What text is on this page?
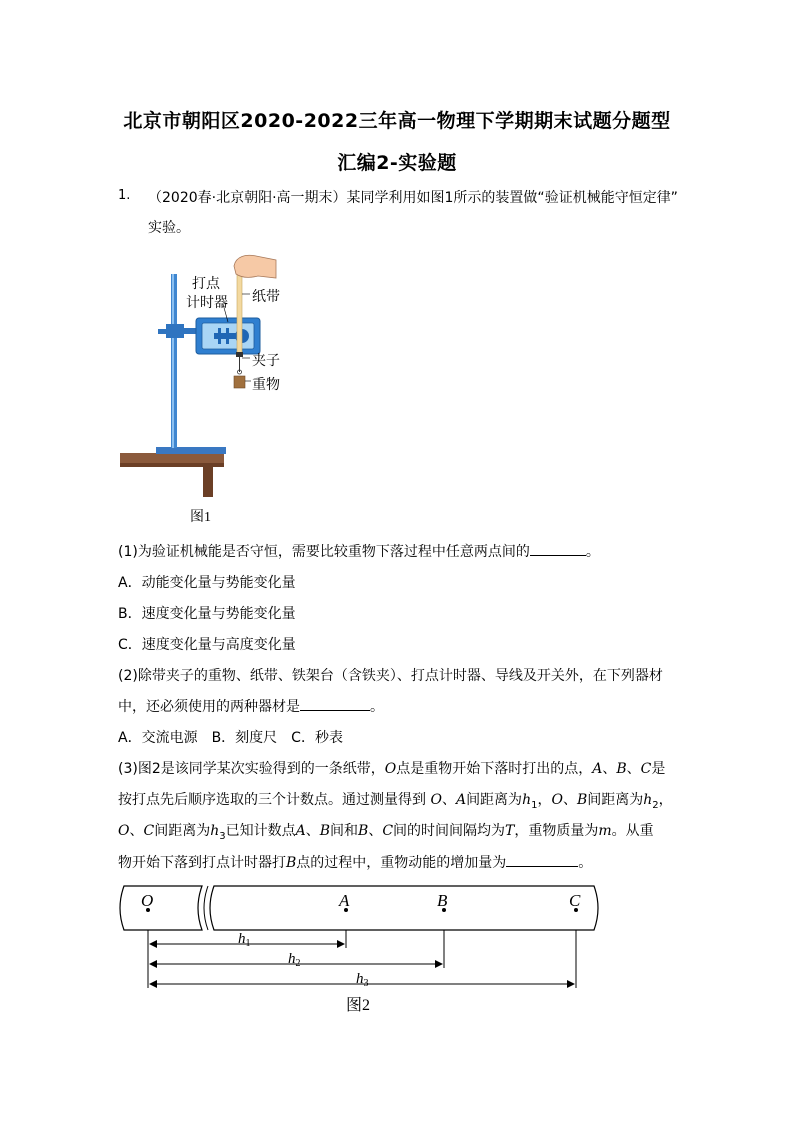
北京市朝阳区2020-2022三年高一物理下学期期末试题分题型
汇编2-实验题
1. （2020春·北京朝阳·高一期末）某同学利用如图1所示的装置做“验证机械能守恒定律”
实验。
打点
计时器 纸带
夹子
重物
图1
(1)为验证机械能是否守恒，需要比较重物下落过程中任意两点间的	。
A．动能变化量与势能变化量
B．速度变化量与势能变化量
C．速度变化量与高度变化量
(2)除带夹子的重物、纸带、铁架台（含铁夹）、打点计时器、导线及开关外，在下列器材
中，还必须使用的两种器材是	。
A．交流电源　B．刻度尺　C．秒表
(3)图2是该同学某次实验得到的一条纸带，O点是重物开始下落时打出的点，A、B、C是
按打点先后顺序选取的三个计数点。通过测量得到 O、A间距离为$h_1$，O、B间距离为$h_2$，
O、C间距离为$h_3$已知计数点A、B间和B、C间的时间间隔均为T，重物质量为m。从重
物开始下落到打点计时器打B点的过程中，重物动能的增加量为	。
O	A	B	C
$h_1$
$h_2$
$h_3$
图2
